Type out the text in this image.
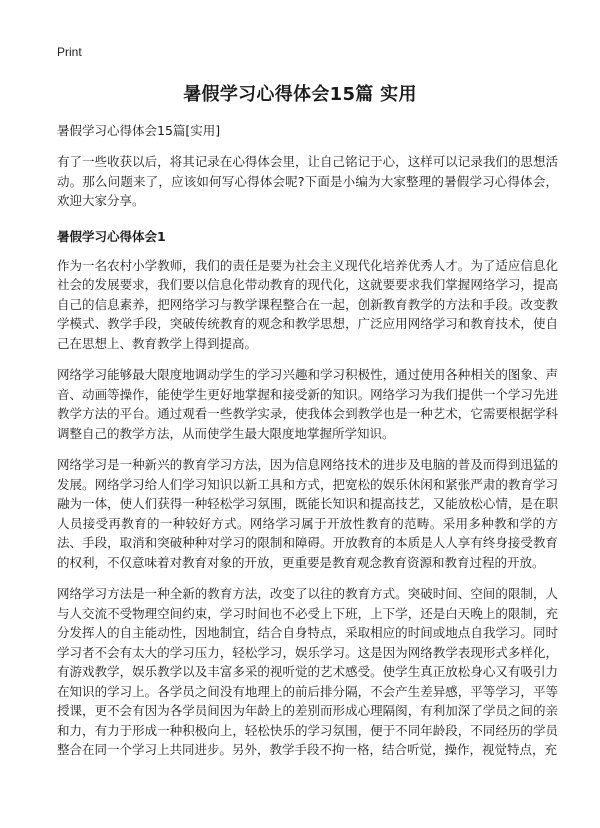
Print
暑假学习心得体会15篇 实用
暑假学习心得体会15篇[实用]

有了一些收获以后，将其记录在心得体会里，让自己铭记于心，这样可以记录我们的思想活动。那么问题来了，应该如何写心得体会呢?下面是小编为大家整理的暑假学习心得体会，欢迎大家分享。

暑假学习心得体会1

作为一名农村小学教师，我们的责任是要为社会主义现代化培养优秀人才。为了适应信息化社会的发展要求，我们要以信息化带动教育的现代化，这就要要求我们掌握网络学习，提高自己的信息素养，把网络学习与教学课程整合在一起，创新教育教学的方法和手段。改变教学模式、教学手段，突破传统教育的观念和教学思想，广泛应用网络学习和教育技术，使自己在思想上、教育教学上得到提高。

网络学习能够最大限度地调动学生的学习兴趣和学习积极性，通过使用各种相关的图象、声音、动画等操作，能使学生更好地掌握和接受新的知识。网络学习为我们提供一个学习先进教学方法的平台。通过观看一些教学实录，使我体会到教学也是一种艺术，它需要根据学科调整自己的教学方法，从而使学生最大限度地掌握所学知识。

网络学习是一种新兴的教育学习方法，因为信息网络技术的进步及电脑的普及而得到迅猛的发展。网络学习给人们学习知识以新工具和方式，把宽松的娱乐休闲和紧张严肃的教育学习融为一体，使人们获得一种轻松学习氛围，既能长知识和提高技艺，又能放松心情，是在职人员接受再教育的一种较好方式。网络学习属于开放性教育的范畴。采用多种教和学的方法、手段，取消和突破种种对学习的限制和障碍。开放教育的本质是人人享有终身接受教育的权利，不仅意味着对教育对象的开放，更重要是教育观念教育资源和教育过程的开放。

网络学习方法是一种全新的教育方法，改变了以往的教育方式。突破时间、空间的限制，人与人交流不受物理空间约束，学习时间也不必受上下班，上下学，还是白天晚上的限制，充分发挥人的自主能动性，因地制宜，结合自身特点，采取相应的时间或地点自我学习。同时学习者不会有太大的学习压力，轻松学习，娱乐学习。这是因为网络教学表现形式多样化，有游戏教学，娱乐教学以及丰富多采的视听觉的艺术感受。使学生真正放松身心又有吸引力在知识的学习上。各学员之间没有地理上的前后排分隔，不会产生差异感，平等学习，平等授课，更不会有因为各学员间因为年龄上的差别而形成心理隔阂，有利加深了学员之间的亲和力，有力于形成一种积极向上，轻松快乐的学习氛围，便于不同年龄段，不同经历的学员整合在同一个学习上共同进步。另外，教学手段不拘一格，结合听觉，操作，视觉特点，充
